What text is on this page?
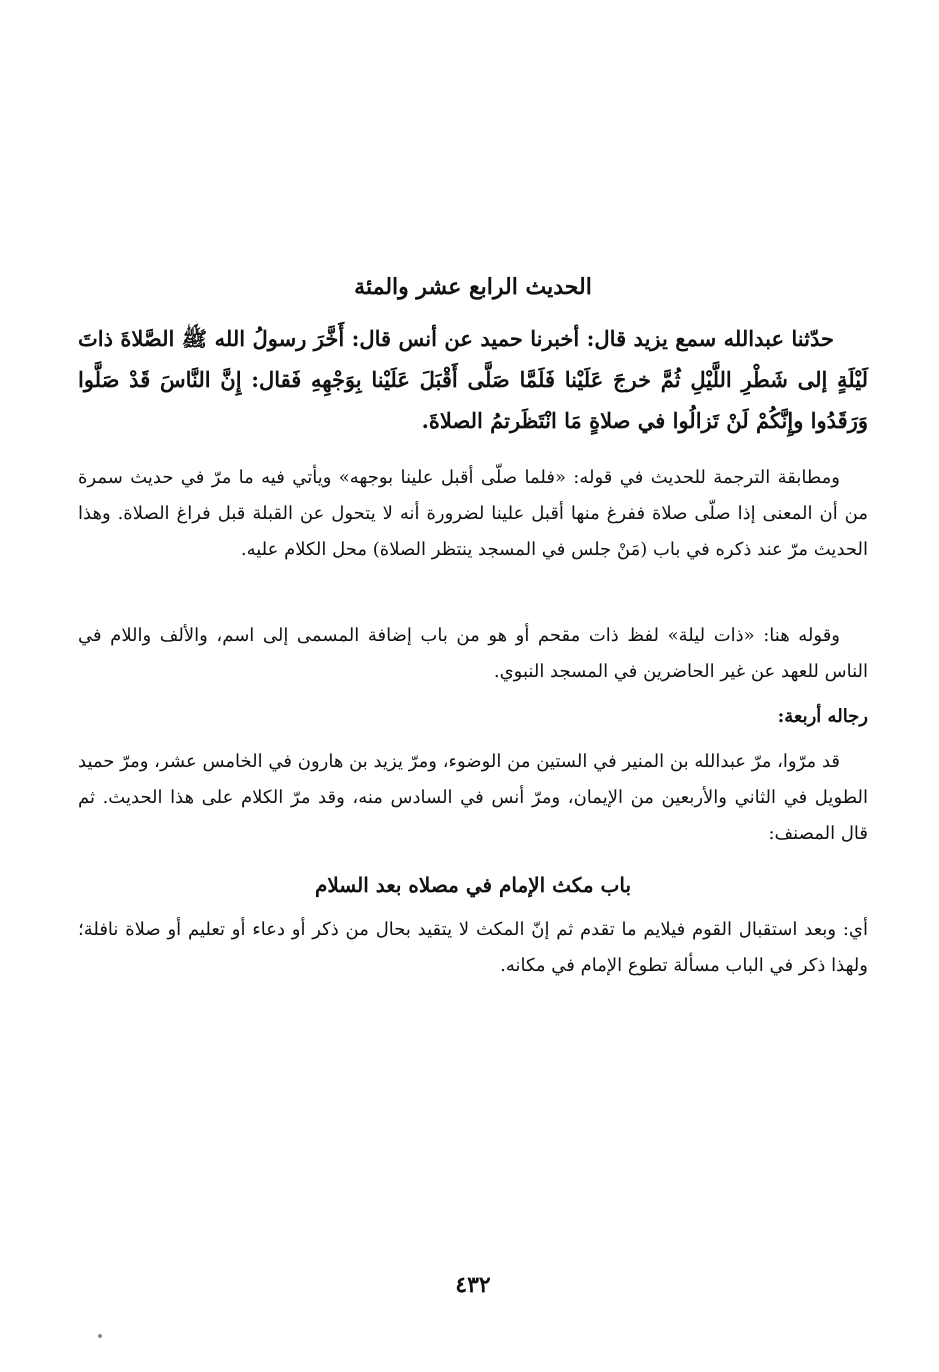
الحديث الرابع عشر والمئة
حدّثنا عبدالله سمع يزيد قال: أخبرنا حميد عن أنس قال: أَخَّرَ رسولُ الله ﷺ الصَّلاةَ ذاتَ لَيْلَةٍ إلى شَطْرِ اللَّيْلِ ثُمَّ خرجَ عَلَيْنا فَلَمَّا صَلَّى أَقْبَلَ عَلَيْنا بِوَجْهِهِ فَقال: إِنَّ النَّاسَ قَدْ صَلَّوا وَرَقَدُوا وإِنَّكُمْ لَنْ تَزالُوا في صلاةٍ مَا انْتَظَرتمُ الصلاةَ.
ومطابقة الترجمة للحديث في قوله: «فلما صلّى أقبل علينا بوجهه» ويأتي فيه ما مرّ في حديث سمرة من أن المعنى إذا صلّى صلاة ففرغ منها أقبل علينا لضرورة أنه لا يتحول عن القبلة قبل فراغ الصلاة. وهذا الحديث مرّ عند ذكره في باب (مَنْ جلس في المسجد ينتظر الصلاة) محل الكلام عليه.
وقوله هنا: «ذات ليلة» لفظ ذات مقحم أو هو من باب إضافة المسمى إلى اسم، والألف واللام في الناس للعهد عن غير الحاضرين في المسجد النبوي.
رجاله أربعة:
قد مرّوا، مرّ عبدالله بن المنير في الستين من الوضوء، ومرّ يزيد بن هارون في الخامس عشر، ومرّ حميد الطويل في الثاني والأربعين من الإيمان، ومرّ أنس في السادس منه، وقد مرّ الكلام على هذا الحديث. ثم قال المصنف:
باب مكث الإمام في مصلاه بعد السلام
أي: وبعد استقبال القوم فيلايم ما تقدم ثم إنّ المكث لا يتقيد بحال من ذكر أو دعاء أو تعليم أو صلاة نافلة؛ ولهذا ذكر في الباب مسألة تطوع الإمام في مكانه.
٤٣٢
